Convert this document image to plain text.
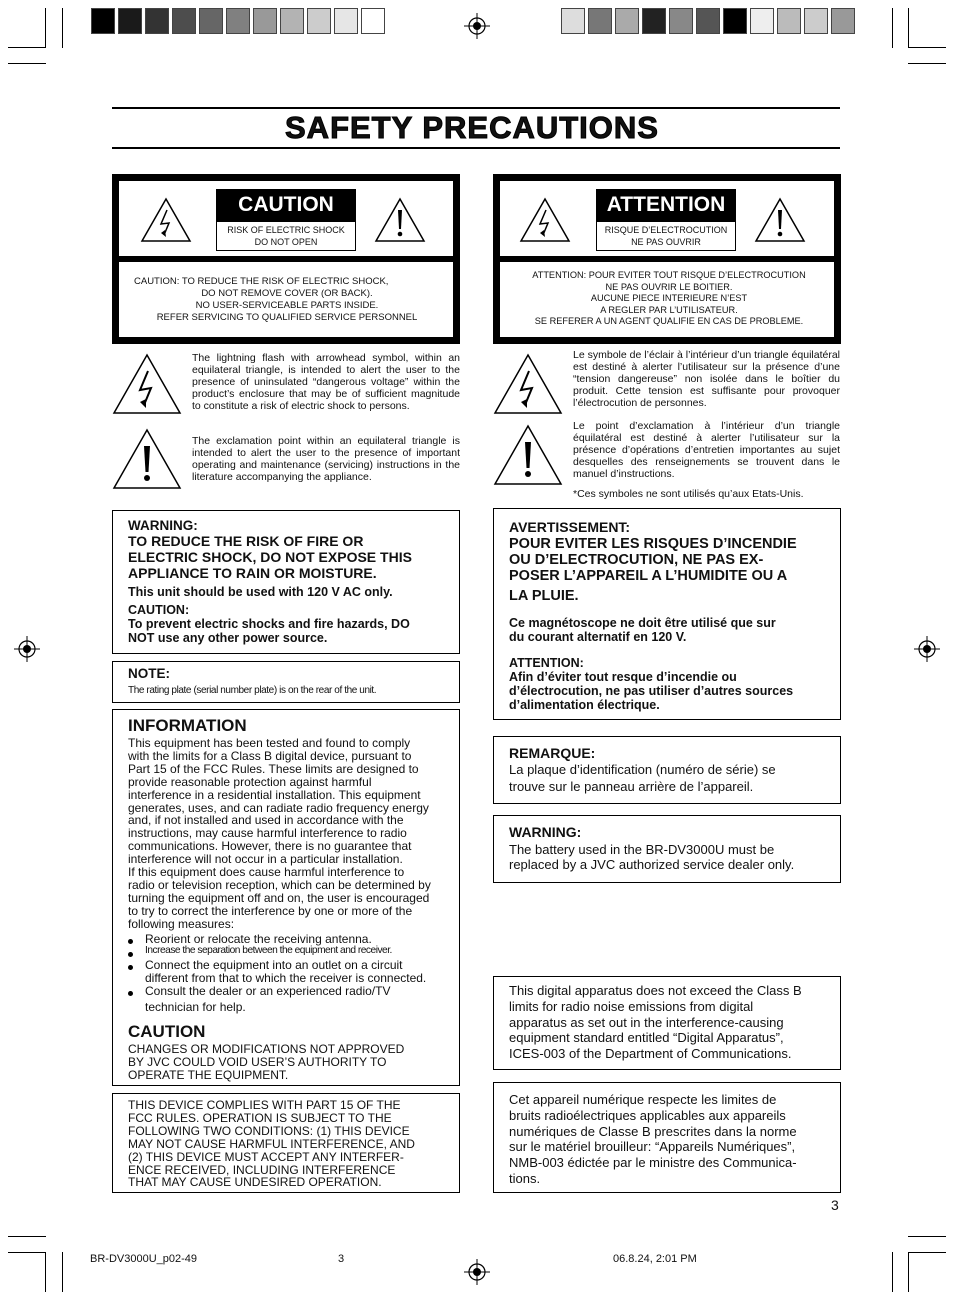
SAFETY PRECAUTIONS
CAUTION
RISK OF ELECTRIC SHOCK
DO NOT OPEN
CAUTION: TO REDUCE THE RISK OF ELECTRIC SHOCK,
DO NOT REMOVE COVER (OR BACK).
NO USER-SERVICEABLE PARTS INSIDE.
REFER SERVICING TO QUALIFIED SERVICE PERSONNEL
ATTENTION
RISQUE D’ELECTROCUTION
NE PAS OUVRIR
ATTENTION: POUR EVITER TOUT RISQUE D’ELECTROCUTION
NE PAS OUVRIR LE BOITIER.
AUCUNE PIECE INTERIEURE N’EST
A REGLER PAR L’UTILISATEUR.
SE REFERER A UN AGENT QUALIFIE EN CAS DE PROBLEME.
The lightning flash with arrowhead symbol, within an equilateral triangle, is intended to alert the user to the presence of uninsulated “dangerous voltage” within the product’s enclosure that may be of sufficient magnitude to constitute a risk of electric shock to persons.
The exclamation point within an equilateral triangle is intended to alert the user to the presence of important operating and maintenance (servicing) instructions in the literature accompanying the appliance.
Le symbole de l’éclair à l’intérieur d’un triangle équilatéral est destiné à alerter l’utilisateur sur la présence d’une “tension dangereuse” non isolée dans le boîtier du produit. Cette tension est suffisante pour provoquer l’électrocution de personnes.
Le point d’exclamation à l’intérieur d’un triangle équilatéral est destiné à alerter l’utilisateur sur la présence d’opérations d’entretien importantes au sujet desquelles des renseignements se trouvent dans le manuel d’instructions.
*Ces symboles ne sont utilisés qu’aux Etats-Unis.
WARNING:
TO REDUCE THE RISK OF FIRE OR
ELECTRIC SHOCK, DO NOT EXPOSE THIS
APPLIANCE TO RAIN OR MOISTURE.
This unit should be used with 120 V AC only.
CAUTION:
To prevent electric shocks and fire hazards, DO
NOT use any other power source.
NOTE:
The rating plate (serial number plate) is on the rear of the unit.
INFORMATION
This equipment has been tested and found to comply
with the limits for a Class B digital device, pursuant to
Part 15 of the FCC Rules. These limits are designed to
provide reasonable protection against harmful
interference in a residential installation. This equipment
generates, uses, and can radiate radio frequency energy
and, if not installed and used in accordance with the
instructions, may cause harmful interference to radio
communications. However, there is no guarantee that
interference will not occur in a particular installation.
If this equipment does cause harmful interference to
radio or television reception, which can be determined by
turning the equipment off and on, the user is encouraged
to try to correct the interference by one or more of the
following measures:
Reorient or relocate the receiving antenna.
Increase the separation between the equipment and receiver.
Connect the equipment into an outlet on a circuit
different from that to which the receiver is connected.
Consult the dealer or an experienced radio/TV
technician for help.
CAUTION
CHANGES OR MODIFICATIONS NOT APPROVED
BY JVC COULD VOID USER’S AUTHORITY TO
OPERATE THE EQUIPMENT.
THIS DEVICE COMPLIES WITH PART 15 OF THE
FCC RULES. OPERATION IS SUBJECT TO THE
FOLLOWING TWO CONDITIONS: (1) THIS DEVICE
MAY NOT CAUSE HARMFUL INTERFERENCE, AND
(2) THIS DEVICE MUST ACCEPT ANY INTERFER-
ENCE RECEIVED, INCLUDING INTERFERENCE
THAT MAY CAUSE UNDESIRED OPERATION.
AVERTISSEMENT:
POUR EVITER LES RISQUES D’INCENDIE
OU D’ELECTROCUTION, NE PAS EX-
POSER L’APPAREIL A L’HUMIDITE OU A
LA PLUIE.
Ce magnétoscope ne doit être utilisé que sur
du courant alternatif en 120 V.
ATTENTION:
Afin d’éviter tout resque d’incendie ou
d’électrocution, ne pas utiliser d’autres sources
d’alimentation électrique.
REMARQUE:
La plaque d’identification (numéro de série) se
trouve sur le panneau arrière de l’appareil.
WARNING:
The battery used in the BR-DV3000U must be
replaced by a JVC authorized service dealer only.
This digital apparatus does not exceed the Class B
limits for radio noise emissions from digital
apparatus as set out in the interference-causing
equipment standard entitled “Digital Apparatus”,
ICES-003 of the Department of Communications.
Cet appareil numérique respecte les limites de
bruits radioélectriques applicables aux appareils
numériques de Classe B prescrites dans la norme
sur le matériel brouilleur: “Appareils Numériques”,
NMB-003 édictée par le ministre des Communica-
tions.
3
BR-DV3000U_p02-49	3	06.8.24, 2:01 PM
